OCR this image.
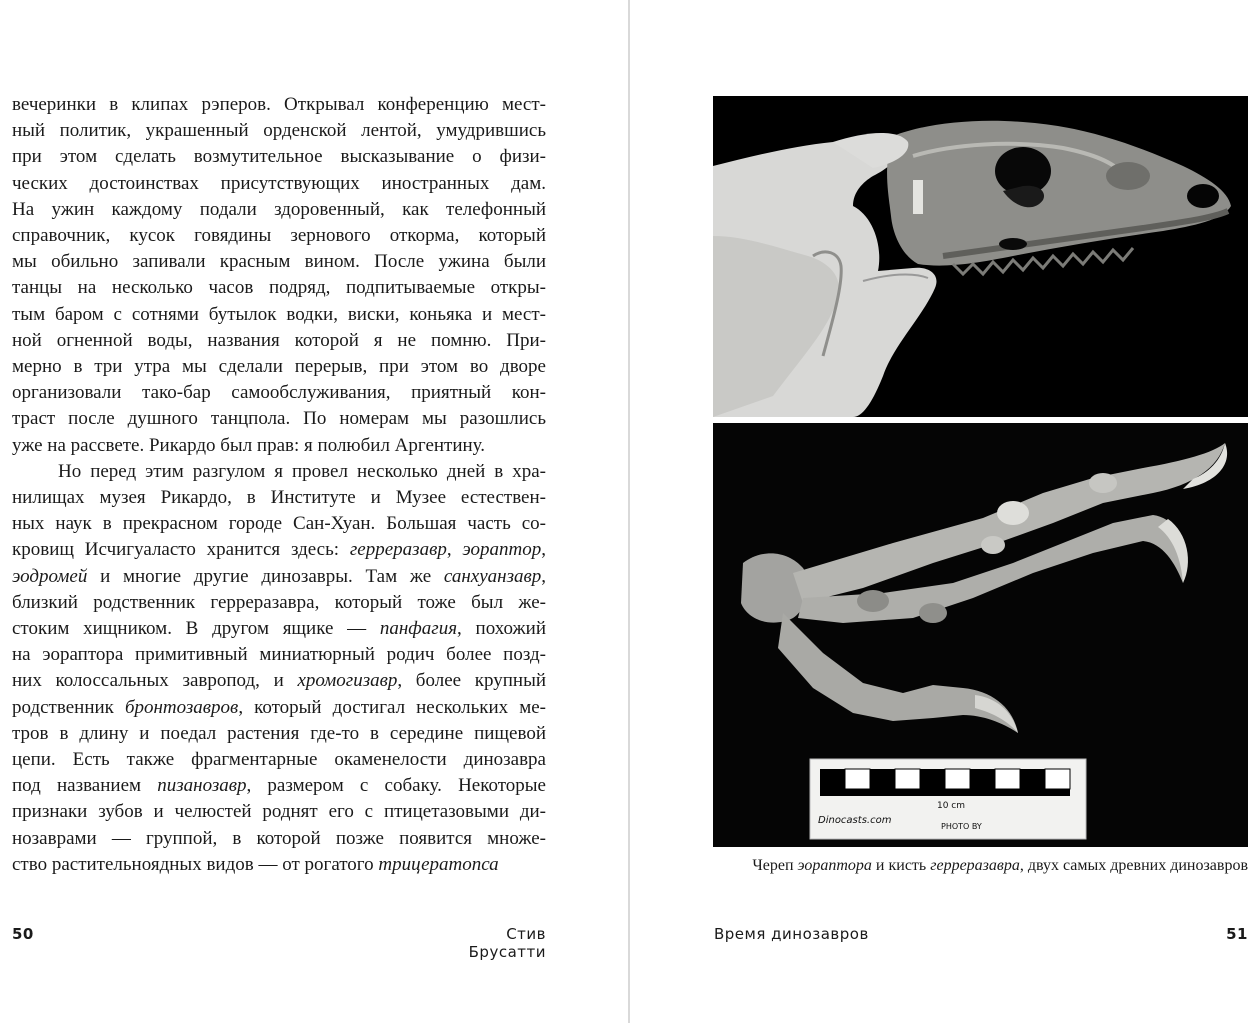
вечеринки в клипах рэперов. Открывал конференцию мест-
ный политик, украшенный орденской лентой, умудрившись
при этом сделать возмутительное высказывание о физи-
ческих достоинствах присутствующих иностранных дам.
На ужин каждому подали здоровенный, как телефонный
справочник, кусок говядины зернового откорма, который
мы обильно запивали красным вином. После ужина были
танцы на несколько часов подряд, подпитываемые откры-
тым баром с сотнями бутылок водки, виски, коньяка и мест-
ной огненной воды, названия которой я не помню. При-
мерно в три утра мы сделали перерыв, при этом во дворе
организовали тако-бар самообслуживания, приятный кон-
траст после душного танцпола. По номерам мы разошлись
уже на рассвете. Рикардо был прав: я полюбил Аргентину.
Но перед этим разгулом я провел несколько дней в хра-
нилищах музея Рикардо, в Институте и Музее естествен-
ных наук в прекрасном городе Сан-Хуан. Большая часть со-
кровищ Исчигуаласто хранится здесь: герреразавр, эораптор,
эодромей и многие другие динозавры. Там же санхуанзавр,
близкий родственник герреразавра, который тоже был же-
стоким хищником. В другом ящике — панфагия, похожий
на эораптора примитивный миниатюрный родич более позд-
них колоссальных завропод, и хромогизавр, более крупный
родственник бронтозавров, который достигал нескольких ме-
тров в длину и поедал растения где-то в середине пищевой
цепи. Есть также фрагментарные окаменелости динозавра
под названием пизанозавр, размером с собаку. Некоторые
признаки зубов и челюстей роднят его с птицетазовыми ди-
нозаврами — группой, в которой позже появится множе-
ство растительноядных видов — от рогатого трицератопса
50	Стив Брусатти
10 cm
Dinocasts.com
PHOTO BY
Череп эораптора и кисть герреразавра, двух самых древних динозавров
Время динозавров	51
